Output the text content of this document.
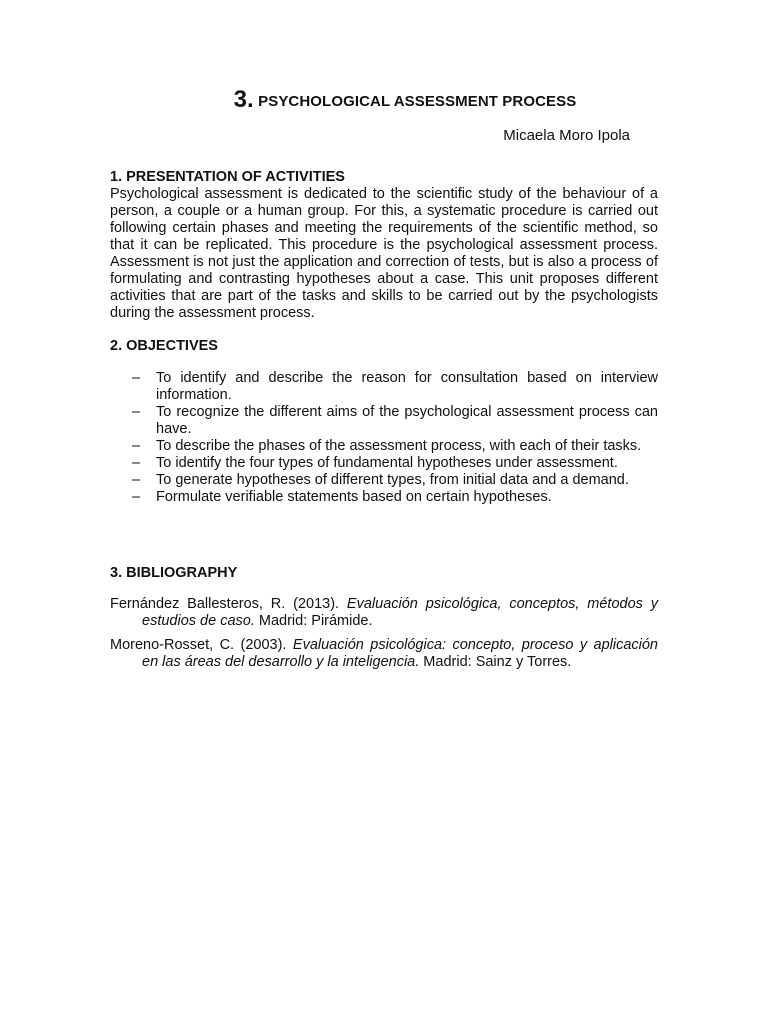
3. PSYCHOLOGICAL ASSESSMENT PROCESS
Micaela Moro Ipola
1. PRESENTATION OF ACTIVITIES

Psychological assessment is dedicated to the scientific study of the behaviour of a person, a couple or a human group. For this, a systematic procedure is carried out following certain phases and meeting the requirements of the scientific method, so that it can be replicated. This procedure is the psychological assessment process. Assessment is not just the application and correction of tests, but is also a process of formulating and contrasting hypotheses about a case. This unit proposes different activities that are part of the tasks and skills to be carried out by the psychologists during the assessment process.

2. OBJECTIVES
– To identify and describe the reason for consultation based on interview information.
– To recognize the different aims of the psychological assessment process can have.
– To describe the phases of the assessment process, with each of their tasks.
– To identify the four types of fundamental hypotheses under assessment.
– To generate hypotheses of different types, from initial data and a demand.
– Formulate verifiable statements based on certain hypotheses.
3. BIBLIOGRAPHY

Fernández Ballesteros, R. (2013). Evaluación psicológica, conceptos, métodos y estudios de caso. Madrid: Pirámide.

Moreno-Rosset, C. (2003). Evaluación psicológica: concepto, proceso y aplicación en las áreas del desarrollo y la inteligencia. Madrid: Sainz y Torres.
